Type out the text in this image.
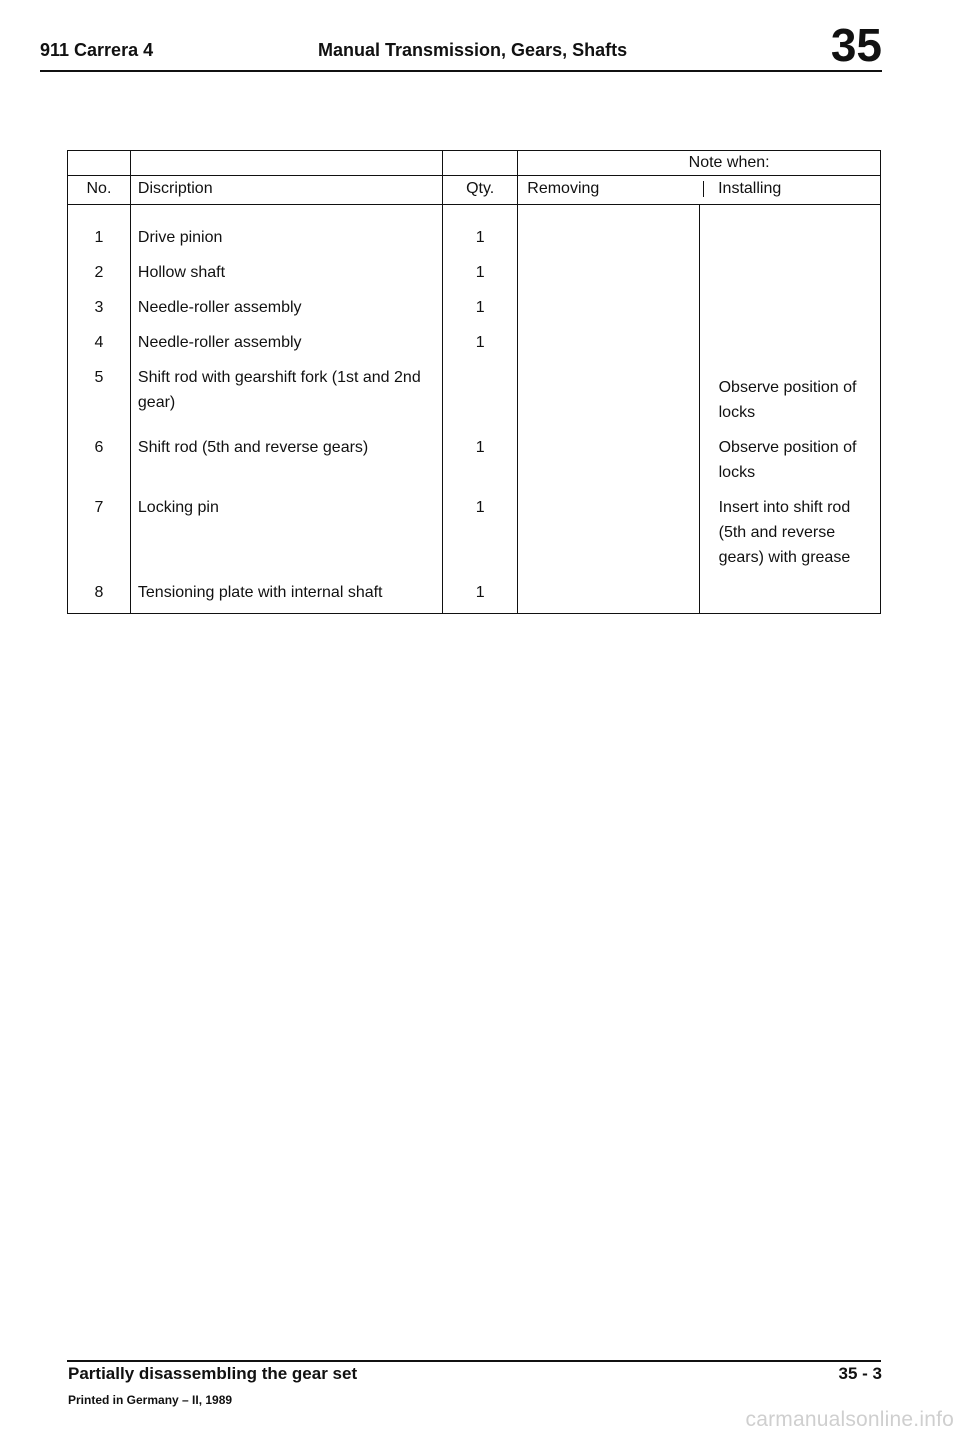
911 Carrera 4	Manual Transmission, Gears, Shafts	35
			Note when:	
No.	Discription	Qty.	Removing	Installing
1	Drive pinion	1		
2	Hollow shaft	1		
3	Needle-roller assembly	1		
4	Needle-roller assembly	1		
5	Shift rod with gearshift fork (1st and 2nd gear)			Observe position of locks
6	Shift rod (5th and reverse gears)	1		Observe position of locks
7	Locking pin	1		Insert into shift rod (5th and reverse gears) with grease
8	Tensioning plate with internal shaft	1		
Partially disassembling the gear set	35 - 3
Printed in Germany – II, 1989
carmanualsonline.info
